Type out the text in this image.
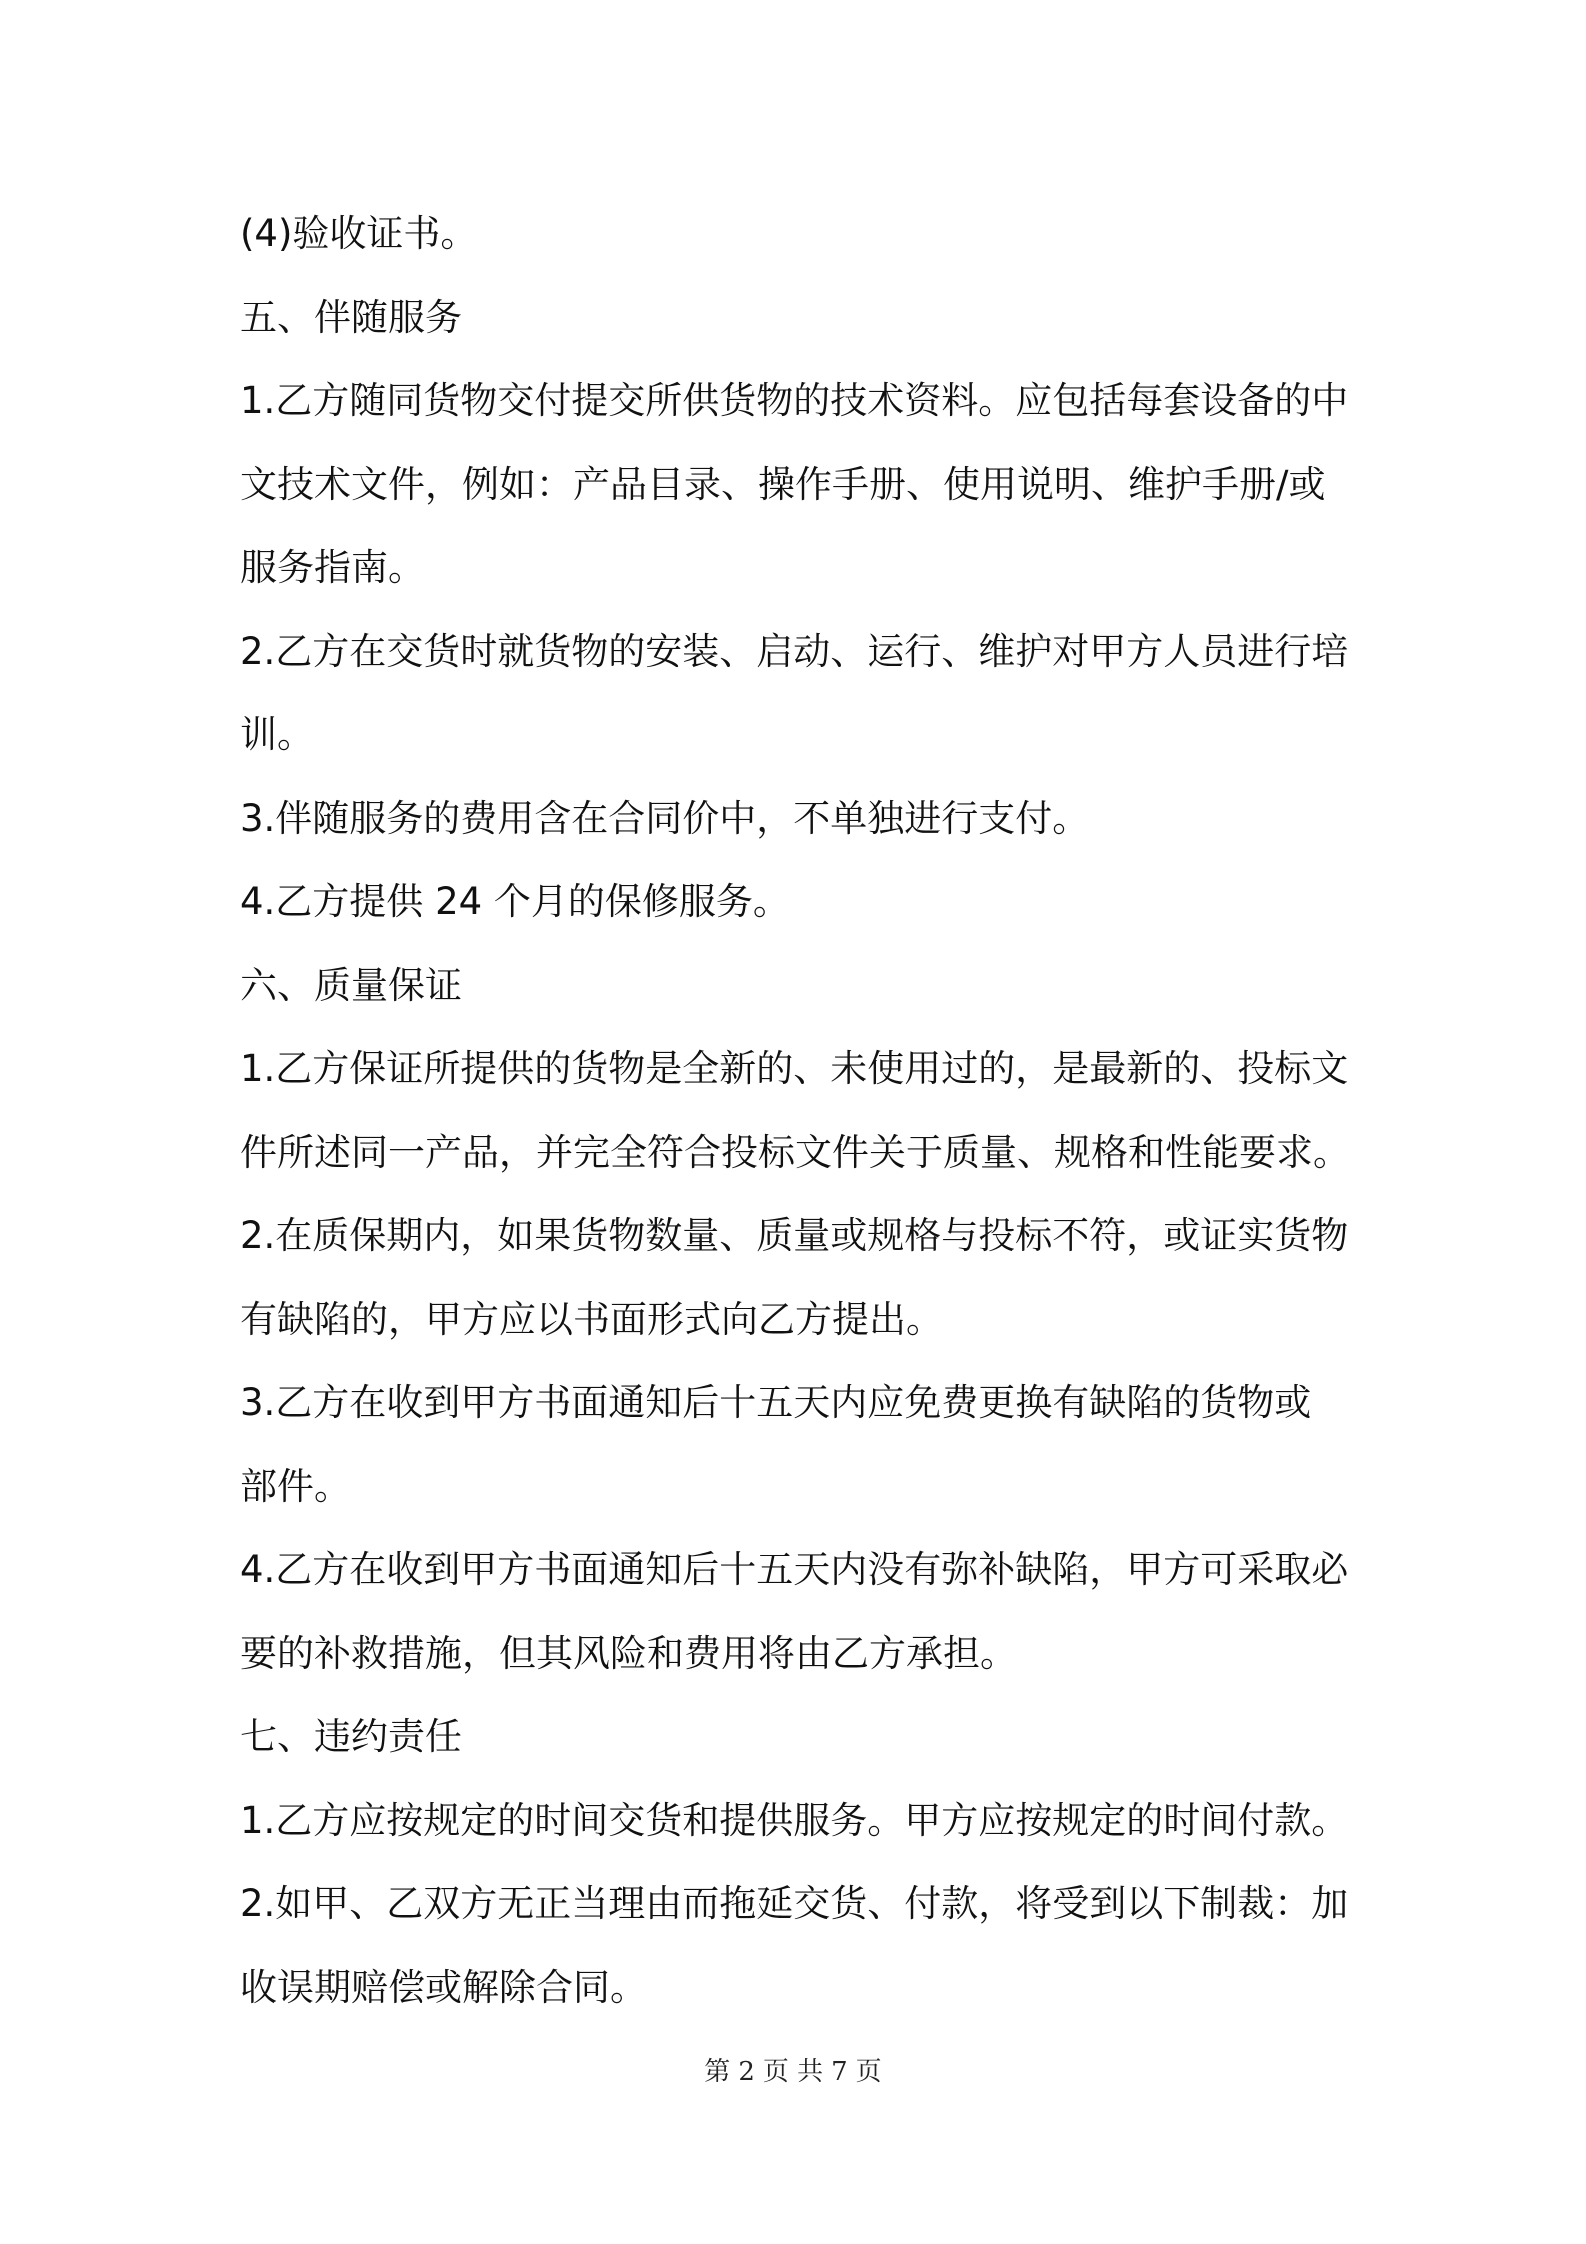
(4)验收证书。
五、伴随服务
1.乙方随同货物交付提交所供货物的技术资料。应包括每套设备的中
文技术文件，例如：产品目录、操作手册、使用说明、维护手册/或
服务指南。
2.乙方在交货时就货物的安装、启动、运行、维护对甲方人员进行培
训。
3.伴随服务的费用含在合同价中，不单独进行支付。
4.乙方提供 24 个月的保修服务。
六、质量保证
1.乙方保证所提供的货物是全新的、未使用过的，是最新的、投标文
件所述同一产品，并完全符合投标文件关于质量、规格和性能要求。
2.在质保期内，如果货物数量、质量或规格与投标不符，或证实货物
有缺陷的，甲方应以书面形式向乙方提出。
3.乙方在收到甲方书面通知后十五天内应免费更换有缺陷的货物或
部件。
4.乙方在收到甲方书面通知后十五天内没有弥补缺陷，甲方可采取必
要的补救措施，但其风险和费用将由乙方承担。
七、违约责任
1.乙方应按规定的时间交货和提供服务。甲方应按规定的时间付款。
2.如甲、乙双方无正当理由而拖延交货、付款，将受到以下制裁：加
收误期赔偿或解除合同。
第 2 页 共 7 页
